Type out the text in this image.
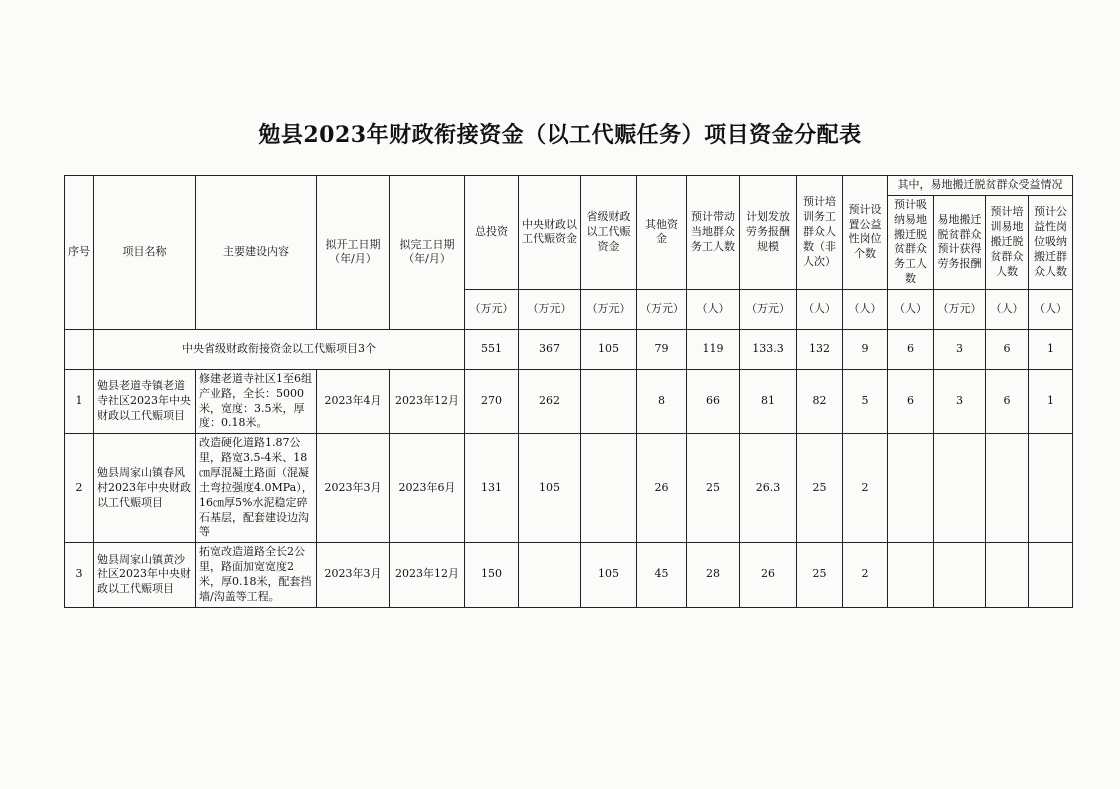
勉县2023年财政衔接资金（以工代赈任务）项目资金分配表
序号	项目名称	主要建设内容	拟开工日期（年/月）	拟完工日期（年/月）	总投资	中央财政以工代赈资金	省级财政以工代赈资金	其他资金	预计带动当地群众务工人数	计划发放劳务报酬规模	预计培训务工群众人数（非人次）	预计设置公益性岗位个数	其中，易地搬迁脱贫群众受益情况			
													预计吸纳易地搬迁脱贫群众务工人数	易地搬迁脱贫群众预计获得劳务报酬	预计培训易地搬迁脱贫群众人数	预计公益性岗位吸纳搬迁群众人数
					（万元）	（万元）	（万元）	（万元）	（人）	（万元）	（人）	（人）	（人）	（万元）	（人）	（人）
	中央省级财政衔接资金以工代赈项目3个				551	367	105	79	119	133.3	132	9	6	3	6	1
1	勉县老道寺镇老道寺社区2023年中央财政以工代赈项目	修建老道寺社区1至6组产业路，全长：5000米，宽度：3.5米，厚度：0.18米。	2023年4月	2023年12月	270	262		8	66	81	82	5	6	3	6	1
2	勉县周家山镇春风村2023年中央财政以工代赈项目	改造硬化道路1.87公里，路宽3.5-4米、18㎝厚混凝土路面（混凝土弯拉强度4.0MPa），16㎝厚5%水泥稳定碎石基层，配套建设边沟等	2023年3月	2023年6月	131	105		26	25	26.3	25	2				
3	勉县周家山镇黄沙社区2023年中央财政以工代赈项目	拓宽改造道路全长2公里，路面加宽宽度2米，厚0.18米，配套挡墙/沟盖等工程。	2023年3月	2023年12月	150		105	45	28	26	25	2				
